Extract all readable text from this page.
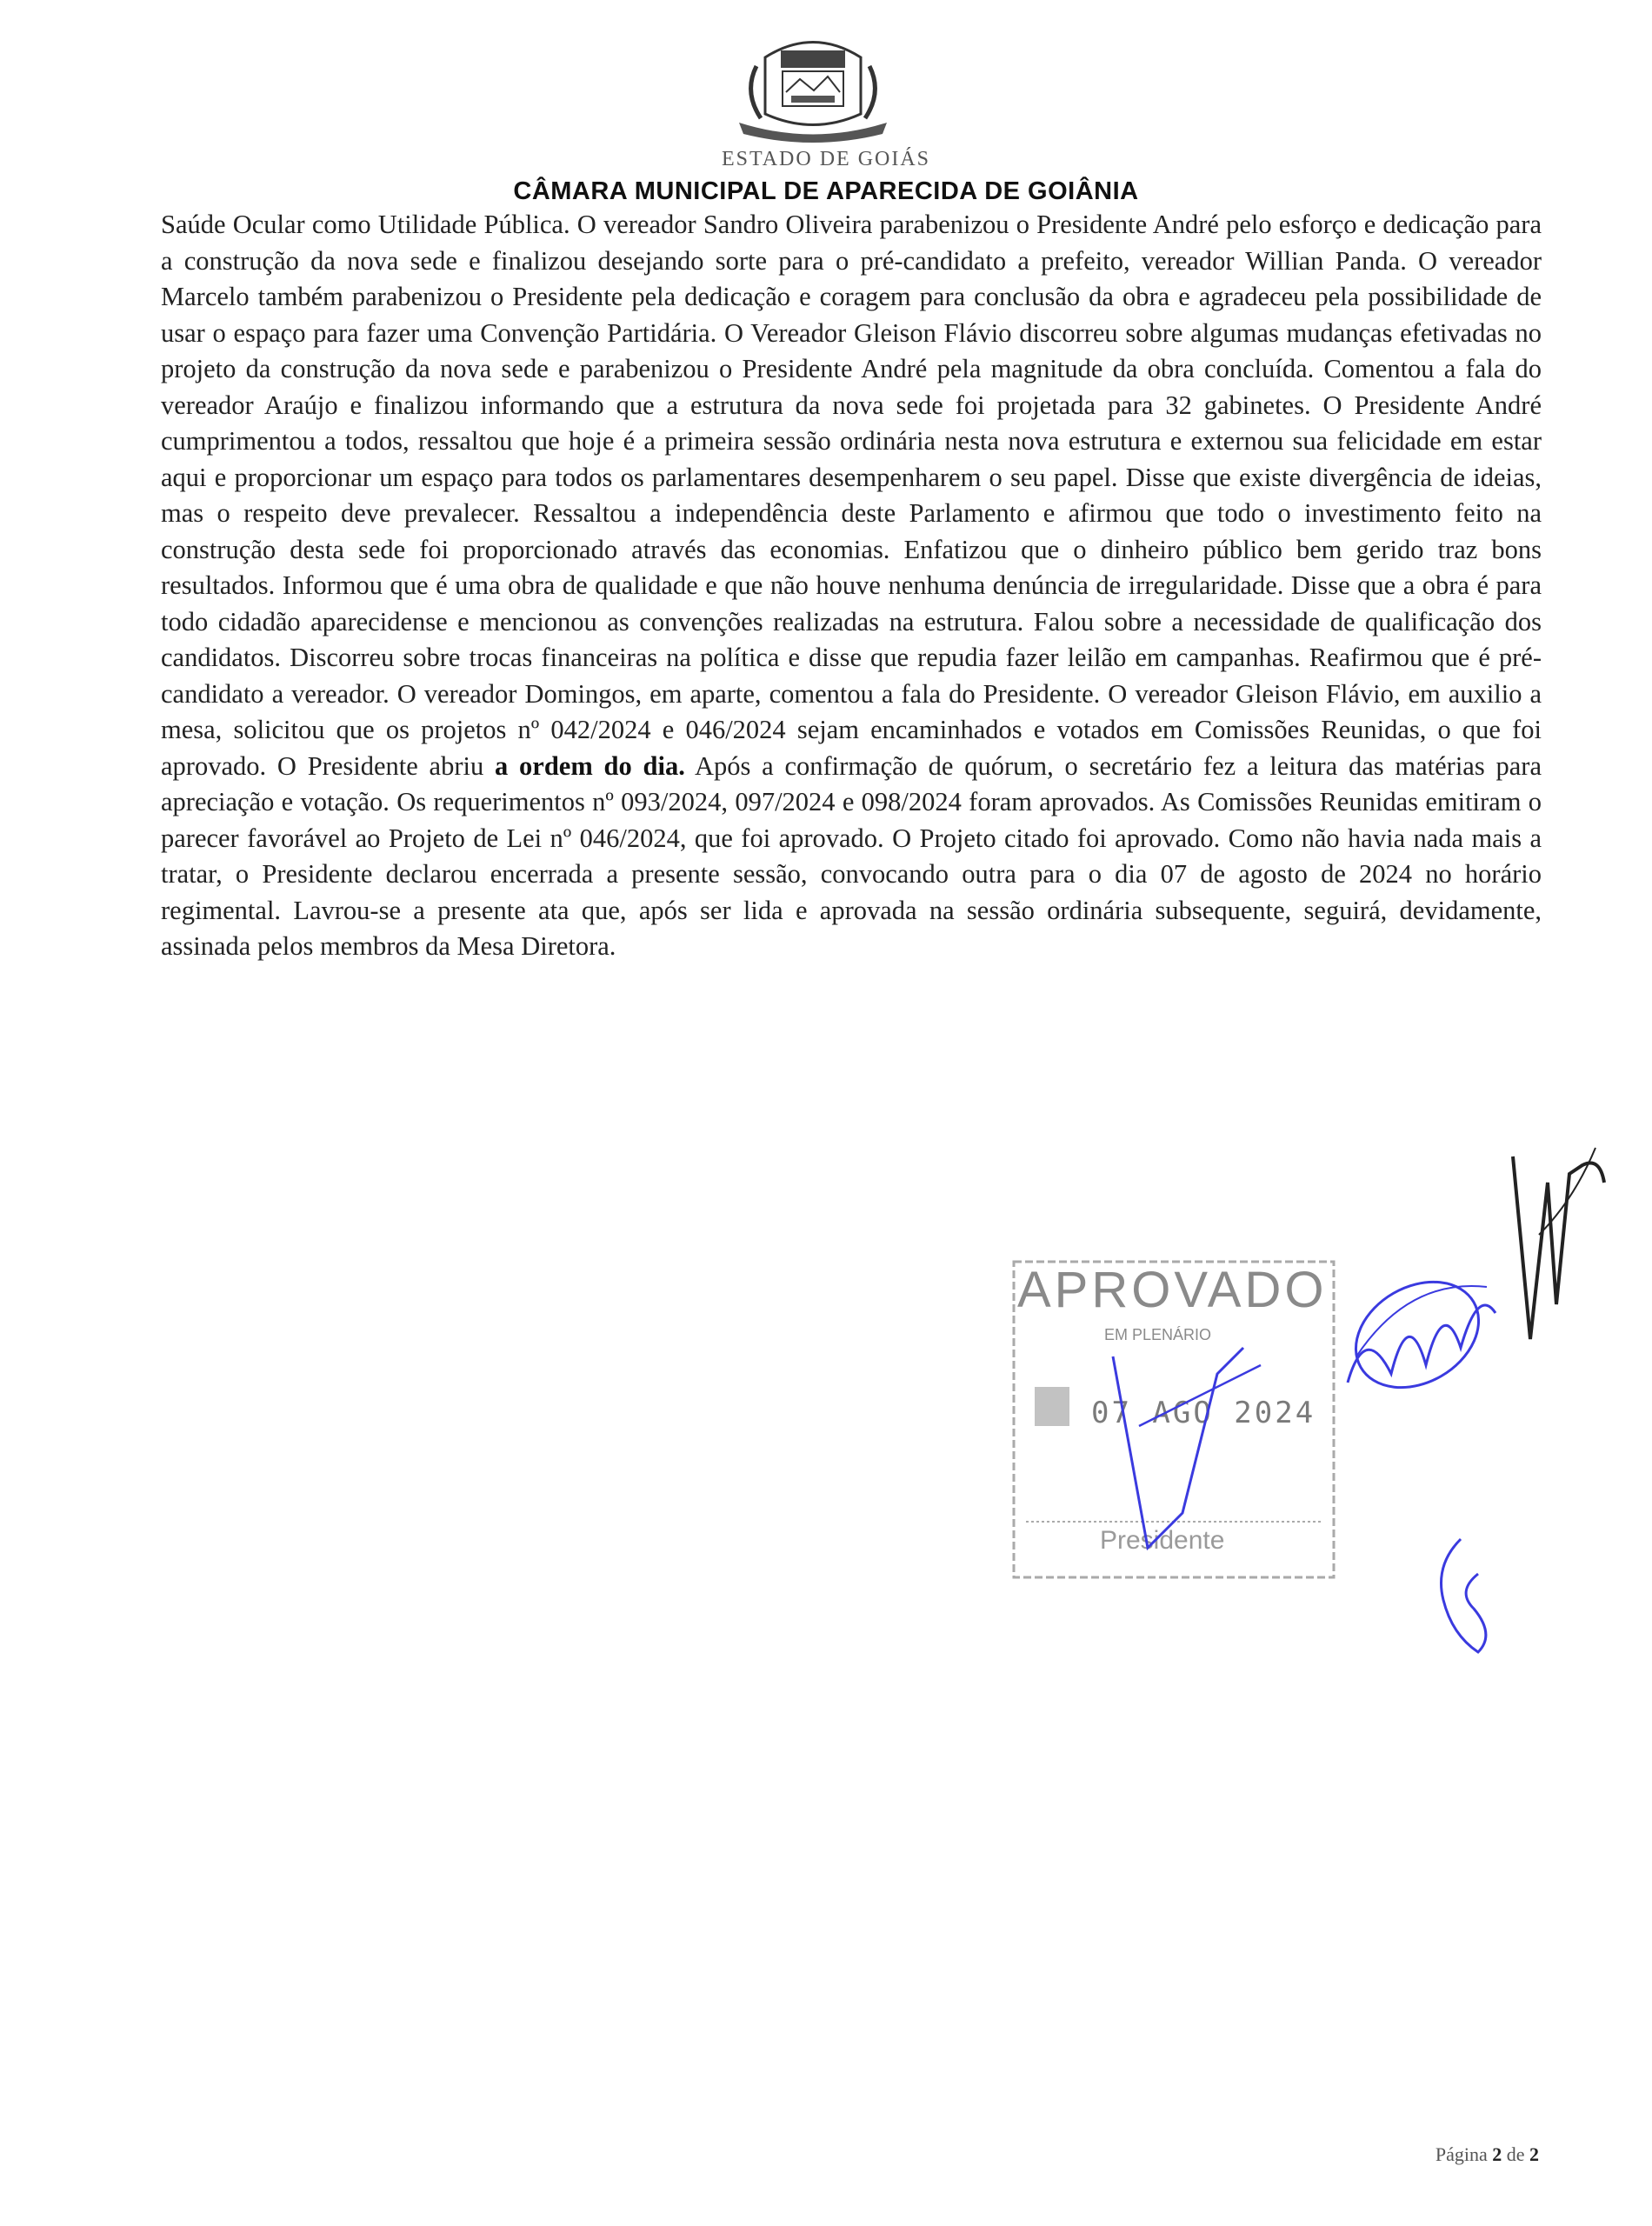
ESTADO DE GOIÁS
CÂMARA MUNICIPAL DE APARECIDA DE GOIÂNIA
Saúde Ocular como Utilidade Pública. O vereador Sandro Oliveira parabenizou o Presidente André pelo esforço e dedicação para a construção da nova sede e finalizou desejando sorte para o pré-candidato a prefeito, vereador Willian Panda. O vereador Marcelo também parabenizou o Presidente pela dedicação e coragem para conclusão da obra e agradeceu pela possibilidade de usar o espaço para fazer uma Convenção Partidária. O Vereador Gleison Flávio discorreu sobre algumas mudanças efetivadas no projeto da construção da nova sede e parabenizou o Presidente André pela magnitude da obra concluída. Comentou a fala do vereador Araújo e finalizou informando que a estrutura da nova sede foi projetada para 32 gabinetes. O Presidente André cumprimentou a todos, ressaltou que hoje é a primeira sessão ordinária nesta nova estrutura e externou sua felicidade em estar aqui e proporcionar um espaço para todos os parlamentares desempenharem o seu papel. Disse que existe divergência de ideias, mas o respeito deve prevalecer. Ressaltou a independência deste Parlamento e afirmou que todo o investimento feito na construção desta sede foi proporcionado através das economias. Enfatizou que o dinheiro público bem gerido traz bons resultados. Informou que é uma obra de qualidade e que não houve nenhuma denúncia de irregularidade. Disse que a obra é para todo cidadão aparecidense e mencionou as convenções realizadas na estrutura. Falou sobre a necessidade de qualificação dos candidatos. Discorreu sobre trocas financeiras na política e disse que repudia fazer leilão em campanhas. Reafirmou que é pré-candidato a vereador. O vereador Domingos, em aparte, comentou a fala do Presidente. O vereador Gleison Flávio, em auxilio a mesa, solicitou que os projetos nº 042/2024 e 046/2024 sejam encaminhados e votados em Comissões Reunidas, o que foi aprovado. O Presidente abriu a ordem do dia. Após a confirmação de quórum, o secretário fez a leitura das matérias para apreciação e votação. Os requerimentos nº 093/2024, 097/2024 e 098/2024 foram aprovados. As Comissões Reunidas emitiram o parecer favorável ao Projeto de Lei nº 046/2024, que foi aprovado. O Projeto citado foi aprovado. Como não havia nada mais a tratar, o Presidente declarou encerrada a presente sessão, convocando outra para o dia 07 de agosto de 2024 no horário regimental. Lavrou-se a presente ata que, após ser lida e aprovada na sessão ordinária subsequente, seguirá, devidamente, assinada pelos membros da Mesa Diretora.
APROVADO
EM PLENÁRIO
07 AGO 2024
Presidente
Página 2 de 2
